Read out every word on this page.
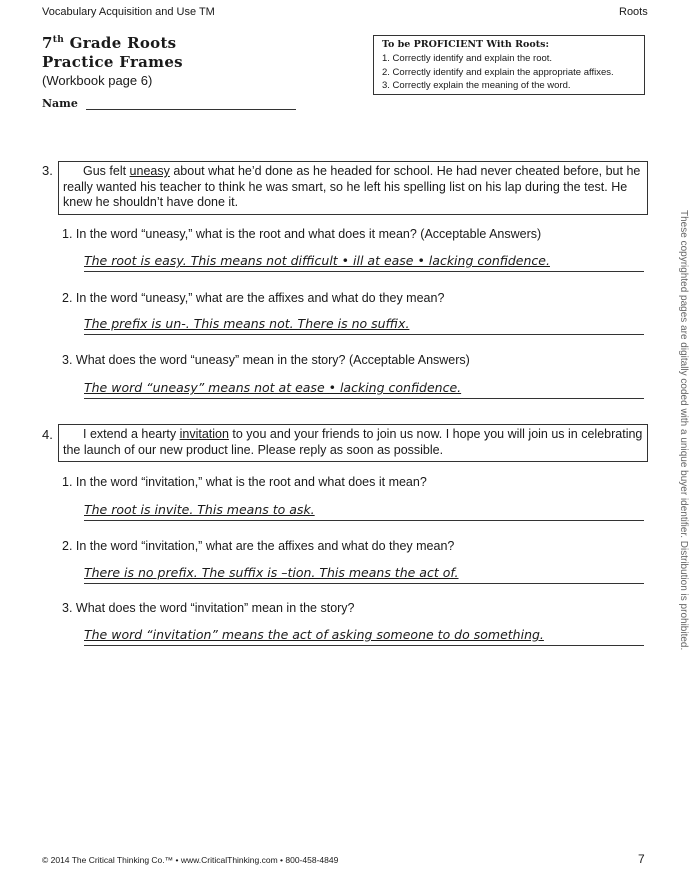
Vocabulary Acquisition and Use TM	Roots
7th Grade Roots
Practice Frames
(Workbook page 6)
Name
To be PROFICIENT With Roots:
1. Correctly identify and explain the root.
2. Correctly identify and explain the appropriate affixes.
3. Correctly explain the meaning of the word.
3.	Gus felt uneasy about what he’d done as he headed for school. He had never cheated before, but he really wanted his teacher to think he was smart, so he left his spelling list on his lap during the test. He knew he shouldn’t have done it.
1. In the word “uneasy,” what is the root and what does it mean? (Acceptable Answers)
The root is easy. This means not difficult • ill at ease • lacking confidence.
2. In the word “uneasy,” what are the affixes and what do they mean?
The prefix is un-. This means not. There is no suffix.
3. What does the word “uneasy” mean in the story? (Acceptable Answers)
The word “uneasy” means not at ease • lacking confidence.
4.	I extend a hearty invitation to you and your friends to join us now. I hope you will join us in celebrating the launch of our new product line. Please reply as soon as possible.
1. In the word “invitation,” what is the root and what does it mean?
The root is invite. This means to ask.
2. In the word “invitation,” what are the affixes and what do they mean?
There is no prefix. The suffix is –tion. This means the act of.
3. What does the word “invitation” mean in the story?
The word “invitation” means the act of asking someone to do something.	These copyrighted pages are digitally coded with a unique buyer identifier. Distribution is prohibited.
© 2014 The Critical Thinking Co.™ • www.CriticalThinking.com • 800-458-4849	7
